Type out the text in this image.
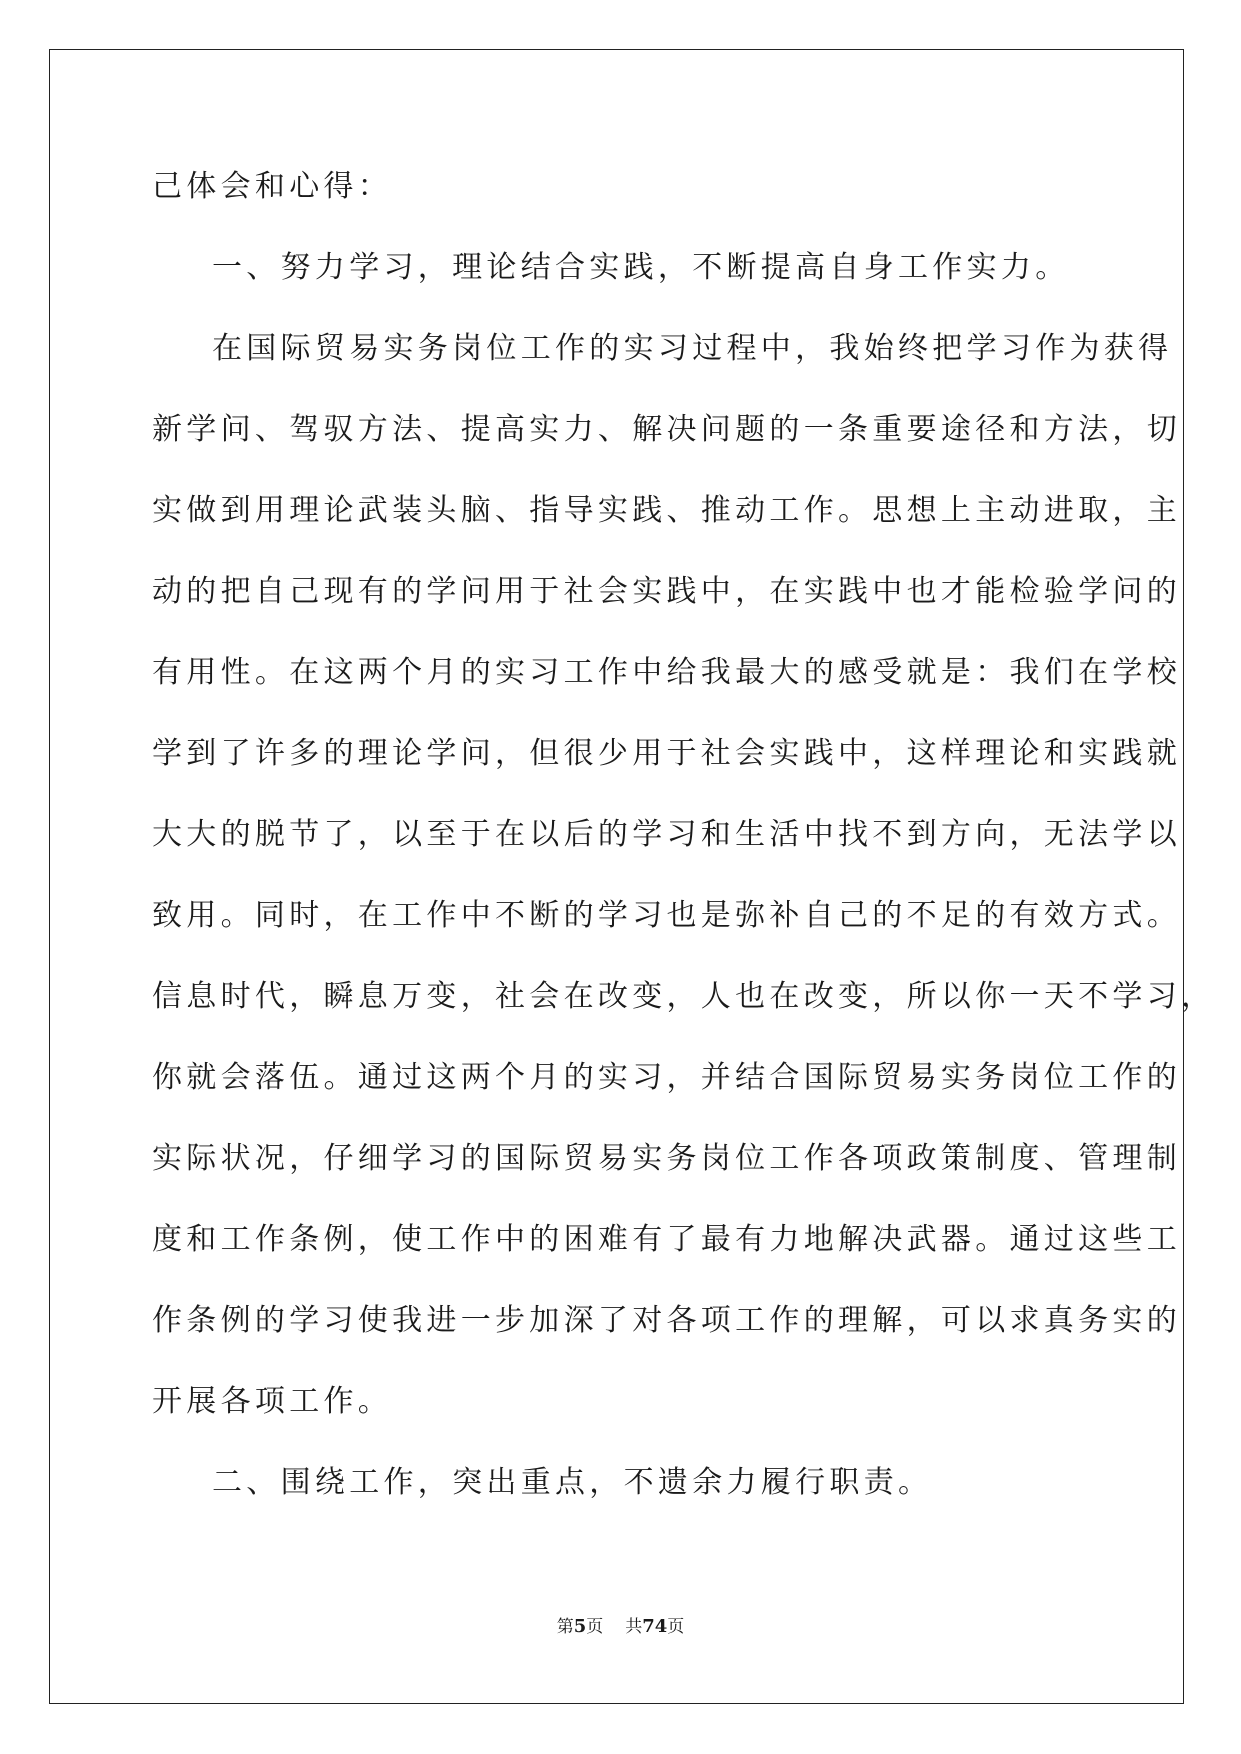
己体会和心得：
一、努力学习，理论结合实践，不断提高自身工作实力。
在国际贸易实务岗位工作的实习过程中，我始终把学习作为获得
新学问、驾驭方法、提高实力、解决问题的一条重要途径和方法，切
实做到用理论武装头脑、指导实践、推动工作。思想上主动进取，主
动的把自己现有的学问用于社会实践中，在实践中也才能检验学问的
有用性。在这两个月的实习工作中给我最大的感受就是：我们在学校
学到了许多的理论学问，但很少用于社会实践中，这样理论和实践就
大大的脱节了，以至于在以后的学习和生活中找不到方向，无法学以
致用。同时，在工作中不断的学习也是弥补自己的不足的有效方式。
信息时代，瞬息万变，社会在改变，人也在改变，所以你一天不学习，
你就会落伍。通过这两个月的实习，并结合国际贸易实务岗位工作的
实际状况，仔细学习的国际贸易实务岗位工作各项政策制度、管理制
度和工作条例，使工作中的困难有了最有力地解决武器。通过这些工
作条例的学习使我进一步加深了对各项工作的理解，可以求真务实的
开展各项工作。
二、围绕工作，突出重点，不遗余力履行职责。
第5页 共74页
